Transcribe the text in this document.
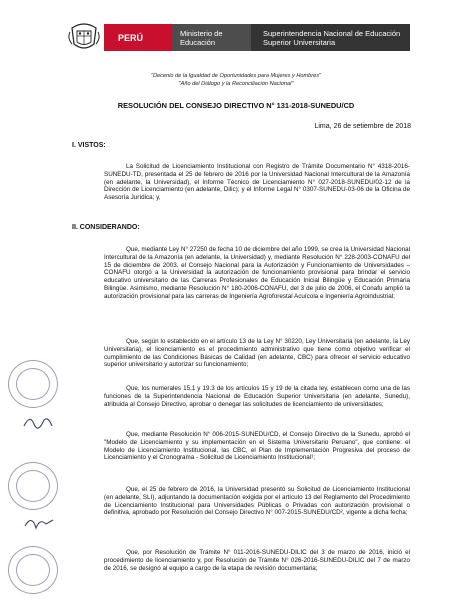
PERÚ	Ministerio de Educación
Superintendencia Nacional de Educación
Superior Universitaria
"Decenio de la Igualdad de Oportunidades para Mujeres y Hombres"
"Año del Diálogo y la Reconciliación Nacional"
RESOLUCIÓN DEL CONSEJO DIRECTIVO N° 131-2018-SUNEDU/CD
Lima, 26 de setiembre de 2018
I. VISTOS:
La Solicitud de Licenciamiento Institucional con Registro de Trámite Documentario N° 4318-2016-SUNEDU-TD, presentada el 25 de febrero de 2016 por la Universidad Nacional Intercultural de la Amazonía (en adelante, la Universidad), el Informe Técnico de Licenciamiento N° 027-2018-SUNEDU/02-12 de la Dirección de Licenciamiento (en adelante, Dilic); y el Informe Legal N° 0307-SUNEDU-03-06 de la Oficina de Asesoría Jurídica; y,
II. CONSIDERANDO:
Que, mediante Ley N° 27250 de fecha 10 de diciembre del año 1999, se crea la Universidad Nacional Intercultural de la Amazonía (en adelante, la Universidad) y, mediante Resolución N° 228-2003-CONAFU del 15 de diciembre de 2003, el Consejo Nacional para la Autorización y Funcionamiento de Universidades – CONAFU otorgó a la Universidad la autorización de funcionamiento provisional para brindar el servicio educativo universitario de las Carreras Profesionales de Educación Inicial Bilingüe y Educación Primaria Bilingüe. Asimismo, mediante Resolución N° 180-2006-CONAFU, del 3 de julio de 2006, el Conafu amplió la autorización provisional para las carreras de Ingeniería Agroforestal Acuícola e Ingeniería Agroindustrial;
Que, según lo establecido en el artículo 13 de la Ley N° 30220, Ley Universitaria (en adelante, la Ley Universitaria), el licenciamiento es el procedimiento administrativo que tiene como objetivo verificar el cumplimiento de las Condiciones Básicas de Calidad (en adelante, CBC) para ofrecer el servicio educativo superior universitario y autorizar su funcionamiento;
Que, los numerales 15.1 y 19.3 de los artículos 15 y 19 de la citada ley, establecen como una de las funciones de la Superintendencia Nacional de Educación Superior Universitaria (en adelante, Sunedu), atribuida al Consejo Directivo, aprobar o denegar las solicitudes de licenciamiento de universidades;
Que, mediante Resolución N° 006-2015-SUNEDU/CD, el Consejo Directivo de la Sunedu, aprobó el "Modelo de Licenciamiento y su implementación en el Sistema Universitario Peruano", que contiene: el Modelo de Licenciamiento Institucional, las CBC, el Plan de Implementación Progresiva del proceso de Licenciamiento y el Cronograma - Solicitud de Licenciamiento Institucional¹;
Que, el 25 de febrero de 2016, la Universidad presentó su Solicitud de Licenciamiento Institucional (en adelante, SLI), adjuntando la documentación exigida por el artículo 13 del Reglamento del Procedimiento de Licenciamiento Institucional para Universidades Públicas o Privadas con autorización provisional o definitiva, aprobado por Resolución del Consejo Directivo N° 007-2015-SUNEDU/CD², vigente a dicha fecha;
Que, por Resolución de Trámite N° 011-2016-SUNEDU-DILIC del 3 de marzo de 2016, inició el procedimiento de licenciamiento y, por Resolución de Trámite N° 026-2016-SUNEDU-DILIC del 7 de marzo de 2016, se designó al equipo a cargo de la etapa de revisión documentaria;
